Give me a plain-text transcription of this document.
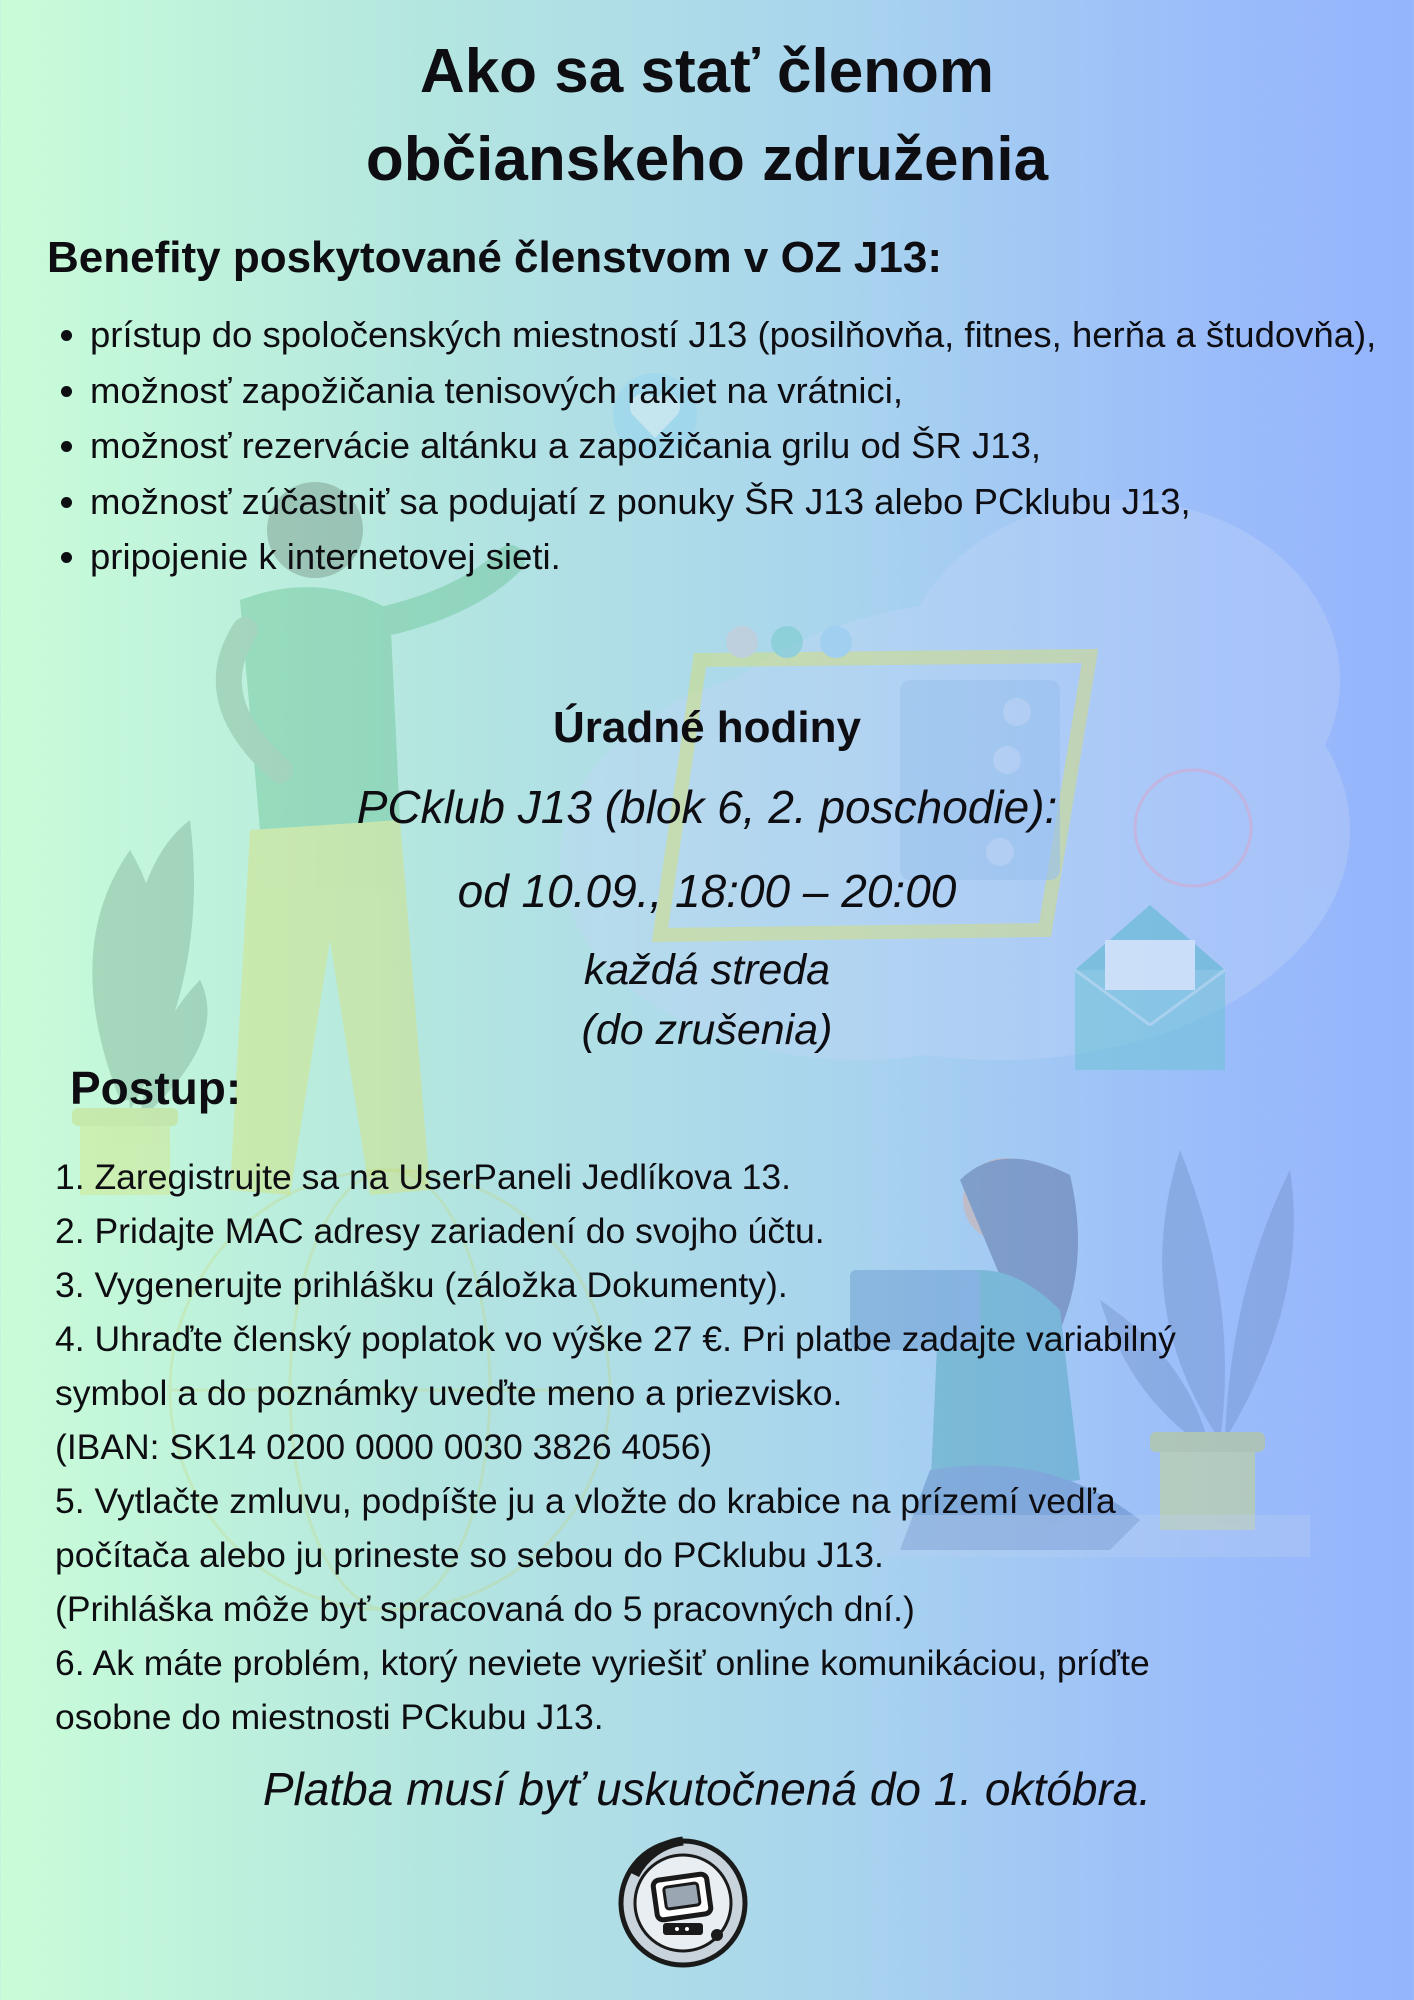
Ako sa stať členom
občianskeho združenia
Benefity poskytované členstvom v OZ J13:
• prístup do spoločenských miestností J13 (posilňovňa, fitnes, herňa a študovňa),
• možnosť zapožičania tenisových rakiet na vrátnici,
• možnosť rezervácie altánku a zapožičania grilu od ŠR J13,
• možnosť zúčastniť sa podujatí z ponuky ŠR J13 alebo PCklubu J13,
• pripojenie k internetovej sieti.
Úradné hodiny

PCklub J13 (blok 6, 2. poschodie):

od 10.09., 18:00 – 20:00

každá streda

(do zrušenia)

Postup:
1. Zaregistrujte sa na UserPaneli Jedlíkova 13.
2. Pridajte MAC adresy zariadení do svojho účtu.
3. Vygenerujte prihlášku (záložka Dokumenty).
4. Uhraďte členský poplatok vo výške 27 €. Pri platbe zadajte variabilný
symbol a do poznámky uveďte meno a priezvisko.
(IBAN: SK14 0200 0000 0030 3826 4056)
5. Vytlačte zmluvu, podpíšte ju a vložte do krabice na prízemí vedľa
počítača alebo ju prineste so sebou do PCklubu J13.
(Prihláška môže byť spracovaná do 5 pracovných dní.)
6. Ak máte problém, ktorý neviete vyriešiť online komunikáciou, príďte
osobne do miestnosti PCkubu J13.

Platba musí byť uskutočnená do 1. októbra.
